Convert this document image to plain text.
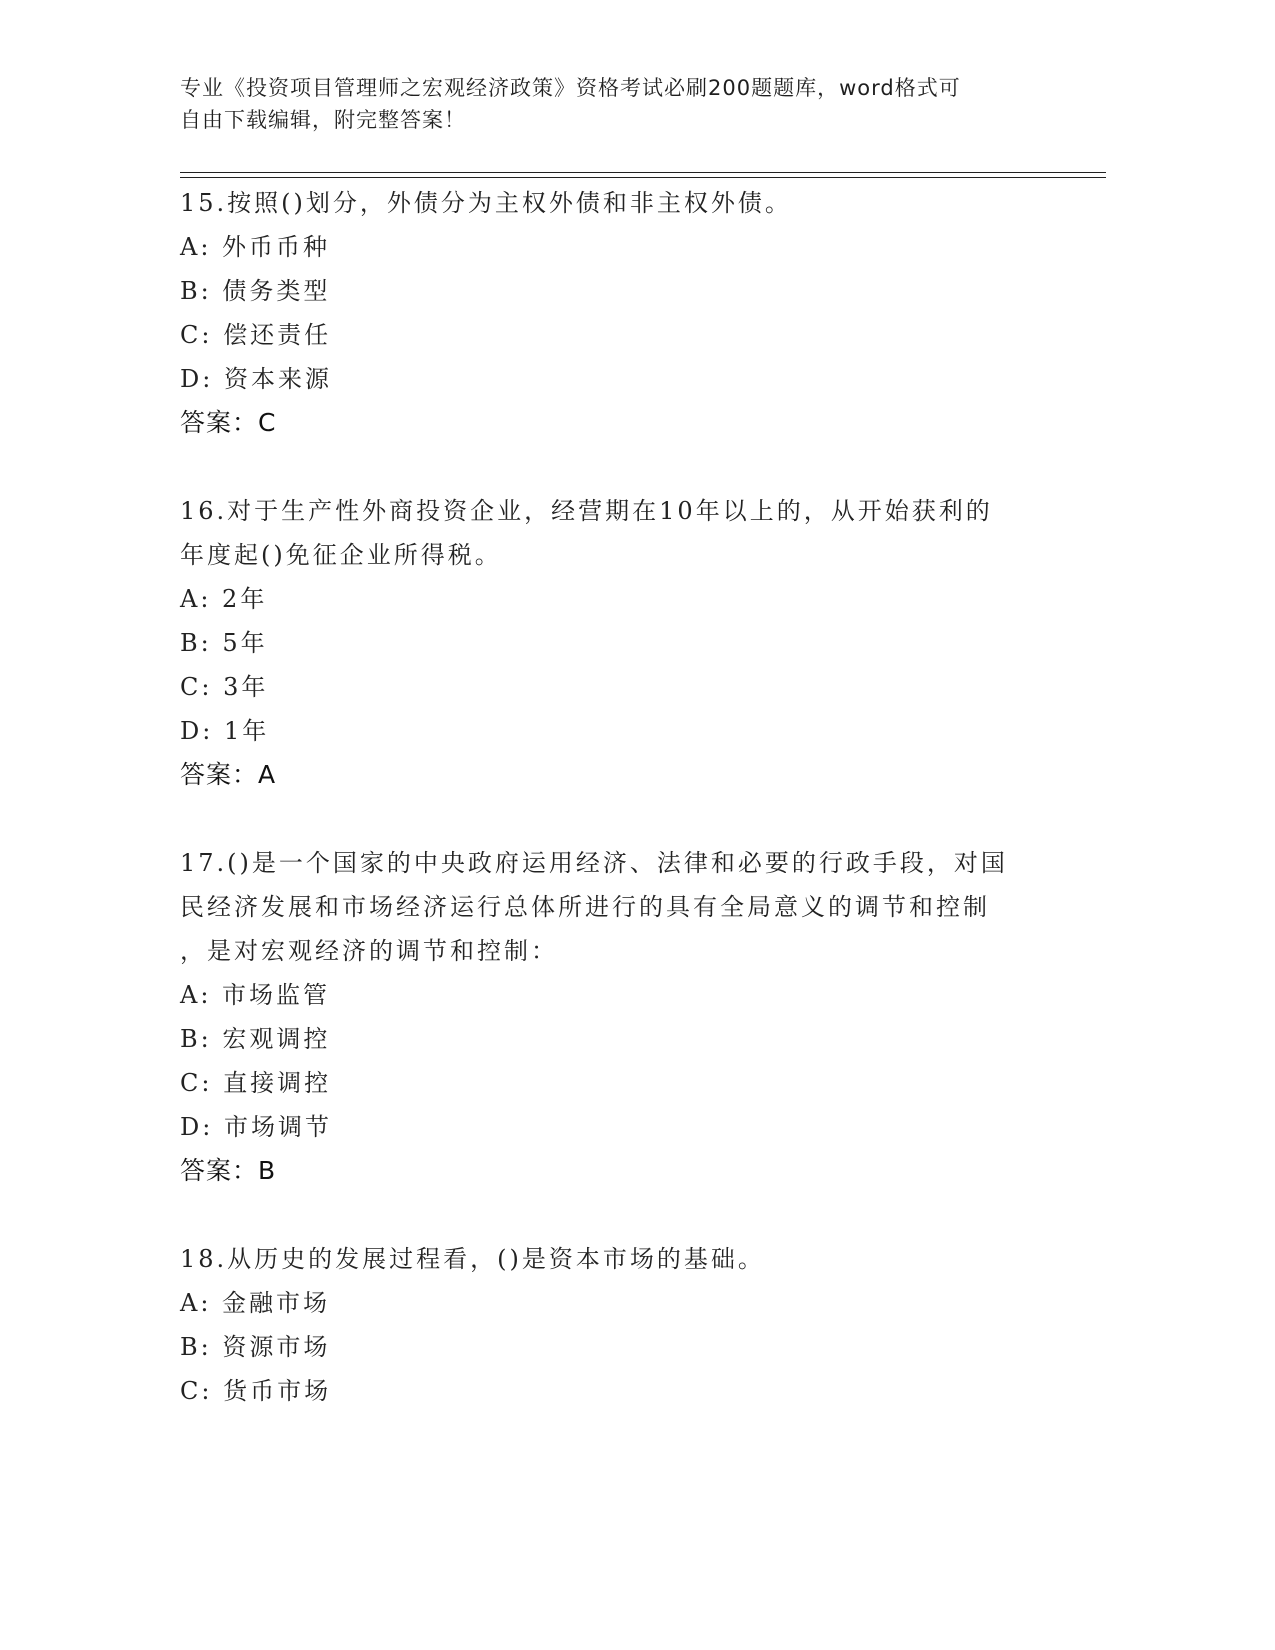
专业《投资项目管理师之宏观经济政策》资格考试必刷200题题库，word格式可
自由下载编辑，附完整答案！
15.按照()划分，外债分为主权外债和非主权外债。
A: 外币币种
B: 债务类型
C: 偿还责任
D: 资本来源
答案：C
16.对于生产性外商投资企业，经营期在10年以上的，从开始获利的
年度起()免征企业所得税。
A: 2年
B: 5年
C: 3年
D: 1年
答案：A
17.()是一个国家的中央政府运用经济、法律和必要的行政手段，对国
民经济发展和市场经济运行总体所进行的具有全局意义的调节和控制
，是对宏观经济的调节和控制：
A: 市场监管
B: 宏观调控
C: 直接调控
D: 市场调节
答案：B
18.从历史的发展过程看，()是资本市场的基础。
A: 金融市场
B: 资源市场
C: 货币市场
